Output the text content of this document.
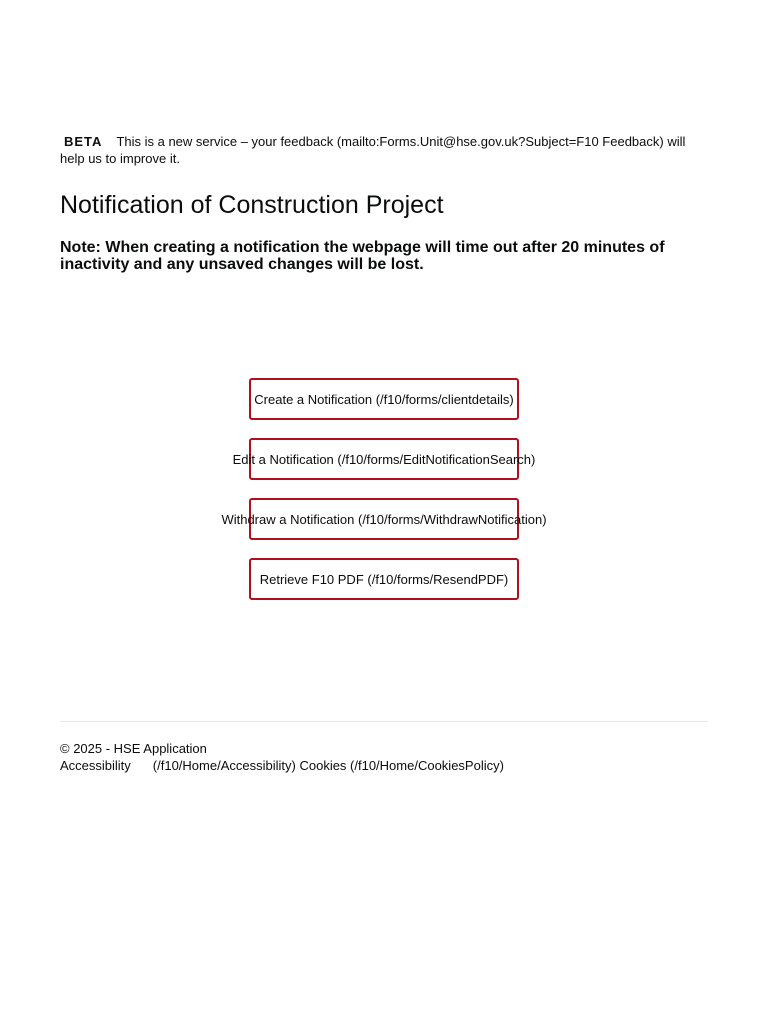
BETA This is a new service – your feedback (mailto:Forms.Unit@hse.gov.uk?Subject=F10 Feedback) will help us to improve it.
Notification of Construction Project

Note: When creating a notification the webpage will time out after 20 minutes of inactivity and any unsaved changes will be lost.

Create a Notification (/f10/forms/clientdetails)
Edit a Notification (/f10/forms/EditNotificationSearch)
Withdraw a Notification (/f10/forms/WithdrawNotification)
Retrieve F10 PDF (/f10/forms/ResendPDF)
© 2025 - HSE Application
Accessibility (/f10/Home/Accessibility) Cookies (/f10/Home/CookiesPolicy)
